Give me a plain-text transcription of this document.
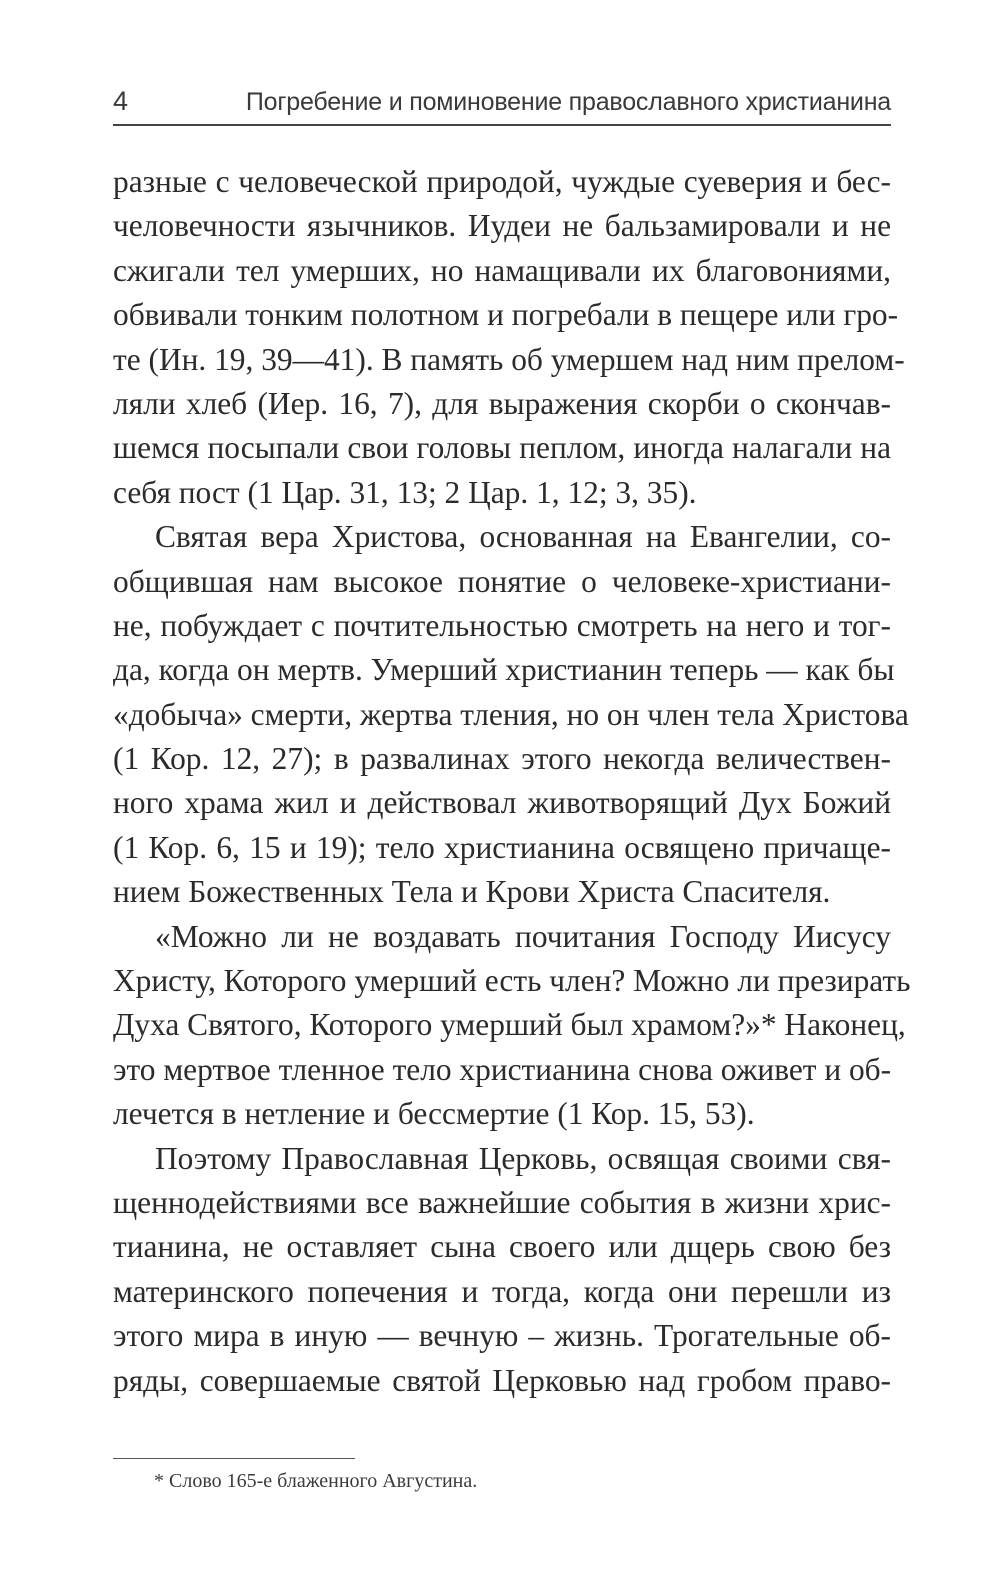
4	Погребение и поминовение православного христианина
разные с человеческой природой, чуждые суеверия и бес-
человечности язычников. Иудеи не бальзамировали и не
сжигали тел умерших, но намащивали их благовониями,
обвивали тонким полотном и погребали в пещере или гро-
те (Ин. 19, 39—41). В память об умершем над ним прелом-
ляли хлеб (Иер. 16, 7), для выражения скорби о скончав-
шемся посыпали свои головы пеплом, иногда налагали на
себя пост (1 Цар. 31, 13; 2 Цар. 1, 12; 3, 35).
Святая вера Христова, основанная на Евангелии, со-
общившая нам высокое понятие о человеке-христиани-
не, побуждает с почтительностью смотреть на него и тог-
да, когда он мертв. Умерший христианин теперь — как бы
«добыча» смерти, жертва тления, но он член тела Христова
(1 Кор. 12, 27); в развалинах этого некогда величествен-
ного храма жил и действовал животворящий Дух Божий
(1 Кор. 6, 15 и 19); тело христианина освящено причаще-
нием Божественных Тела и Крови Христа Спасителя.
«Можно ли не воздавать почитания Господу Иисусу
Христу, Которого умерший есть член? Можно ли презирать
Духа Святого, Которого умерший был храмом?»* Наконец,
это мертвое тленное тело христианина снова оживет и об-
лечется в нетление и бессмертие (1 Кор. 15, 53).
Поэтому Православная Церковь, освящая своими свя-
щеннодействиями все важнейшие события в жизни хрис-
тианина, не оставляет сына своего или дщерь свою без
материнского попечения и тогда, когда они перешли из
этого мира в иную — вечную – жизнь. Трогательные об-
ряды, совершаемые святой Церковью над гробом право-
* Слово 165-е блаженного Августина.
